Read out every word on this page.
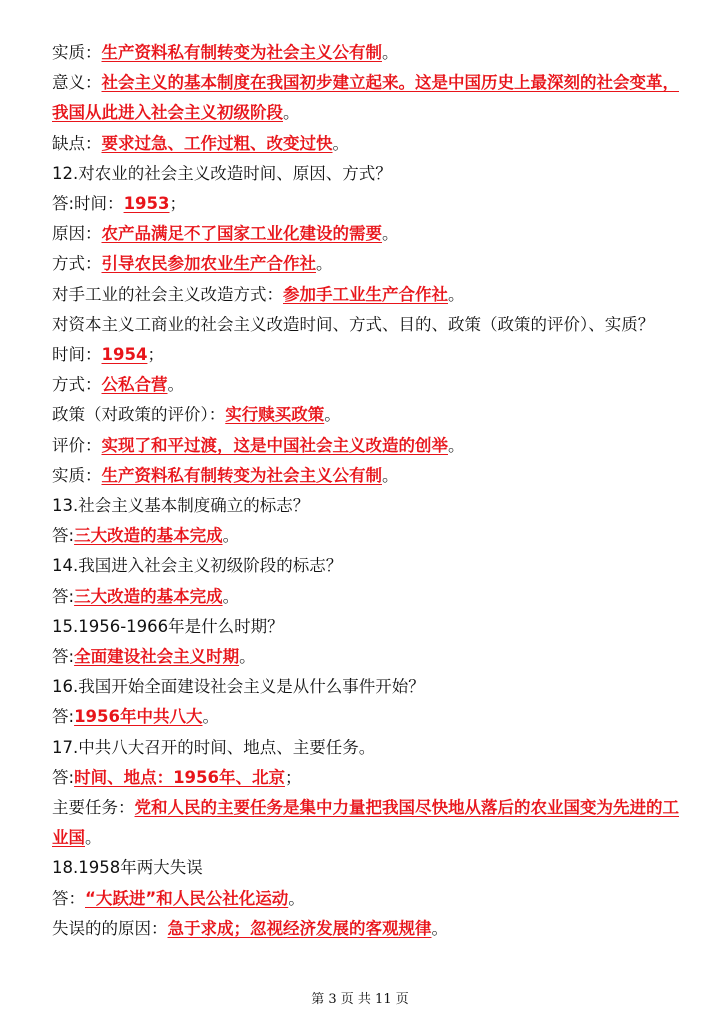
实质：生产资料私有制转变为社会主义公有制。
意义：社会主义的基本制度在我国初步建立起来。这是中国历史上最深刻的社会变革，我国从此进入社会主义初级阶段。
缺点：要求过急、工作过粗、改变过快。
12.对农业的社会主义改造时间、原因、方式？
答:时间：1953；
原因：农产品满足不了国家工业化建设的需要。
方式：引导农民参加农业生产合作社。
对手工业的社会主义改造方式：参加手工业生产合作社。
对资本主义工商业的社会主义改造时间、方式、目的、政策（政策的评价）、实质？
时间：1954；
方式：公私合营。
政策（对政策的评价）：实行赎买政策。
评价：实现了和平过渡，这是中国社会主义改造的创举。
实质：生产资料私有制转变为社会主义公有制。
13.社会主义基本制度确立的标志？
答:三大改造的基本完成。
14.我国进入社会主义初级阶段的标志？
答:三大改造的基本完成。
15.1956-1966年是什么时期？
答:全面建设社会主义时期。
16.我国开始全面建设社会主义是从什么事件开始？
答:1956年中共八大。
17.中共八大召开的时间、地点、主要任务。
答:时间、地点：1956年、北京；
主要任务：党和人民的主要任务是集中力量把我国尽快地从落后的农业国变为先进的工业国。
18.1958年两大失误
答：“大跃进”和人民公社化运动。
失误的的原因：急于求成；忽视经济发展的客观规律。
第 3 页 共 11 页
